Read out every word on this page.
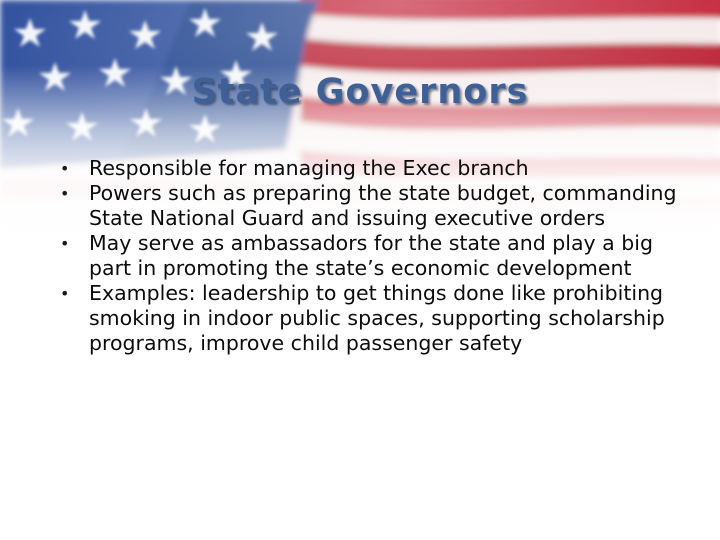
State Governors
• Responsible for managing the Exec branch
• Powers such as preparing the state budget, commanding State National Guard and issuing executive orders
• May serve as ambassadors for the state and play a big part in promoting the state’s economic development
• Examples: leadership to get things done like prohibiting smoking in indoor public spaces, supporting scholarship programs, improve child passenger safety
